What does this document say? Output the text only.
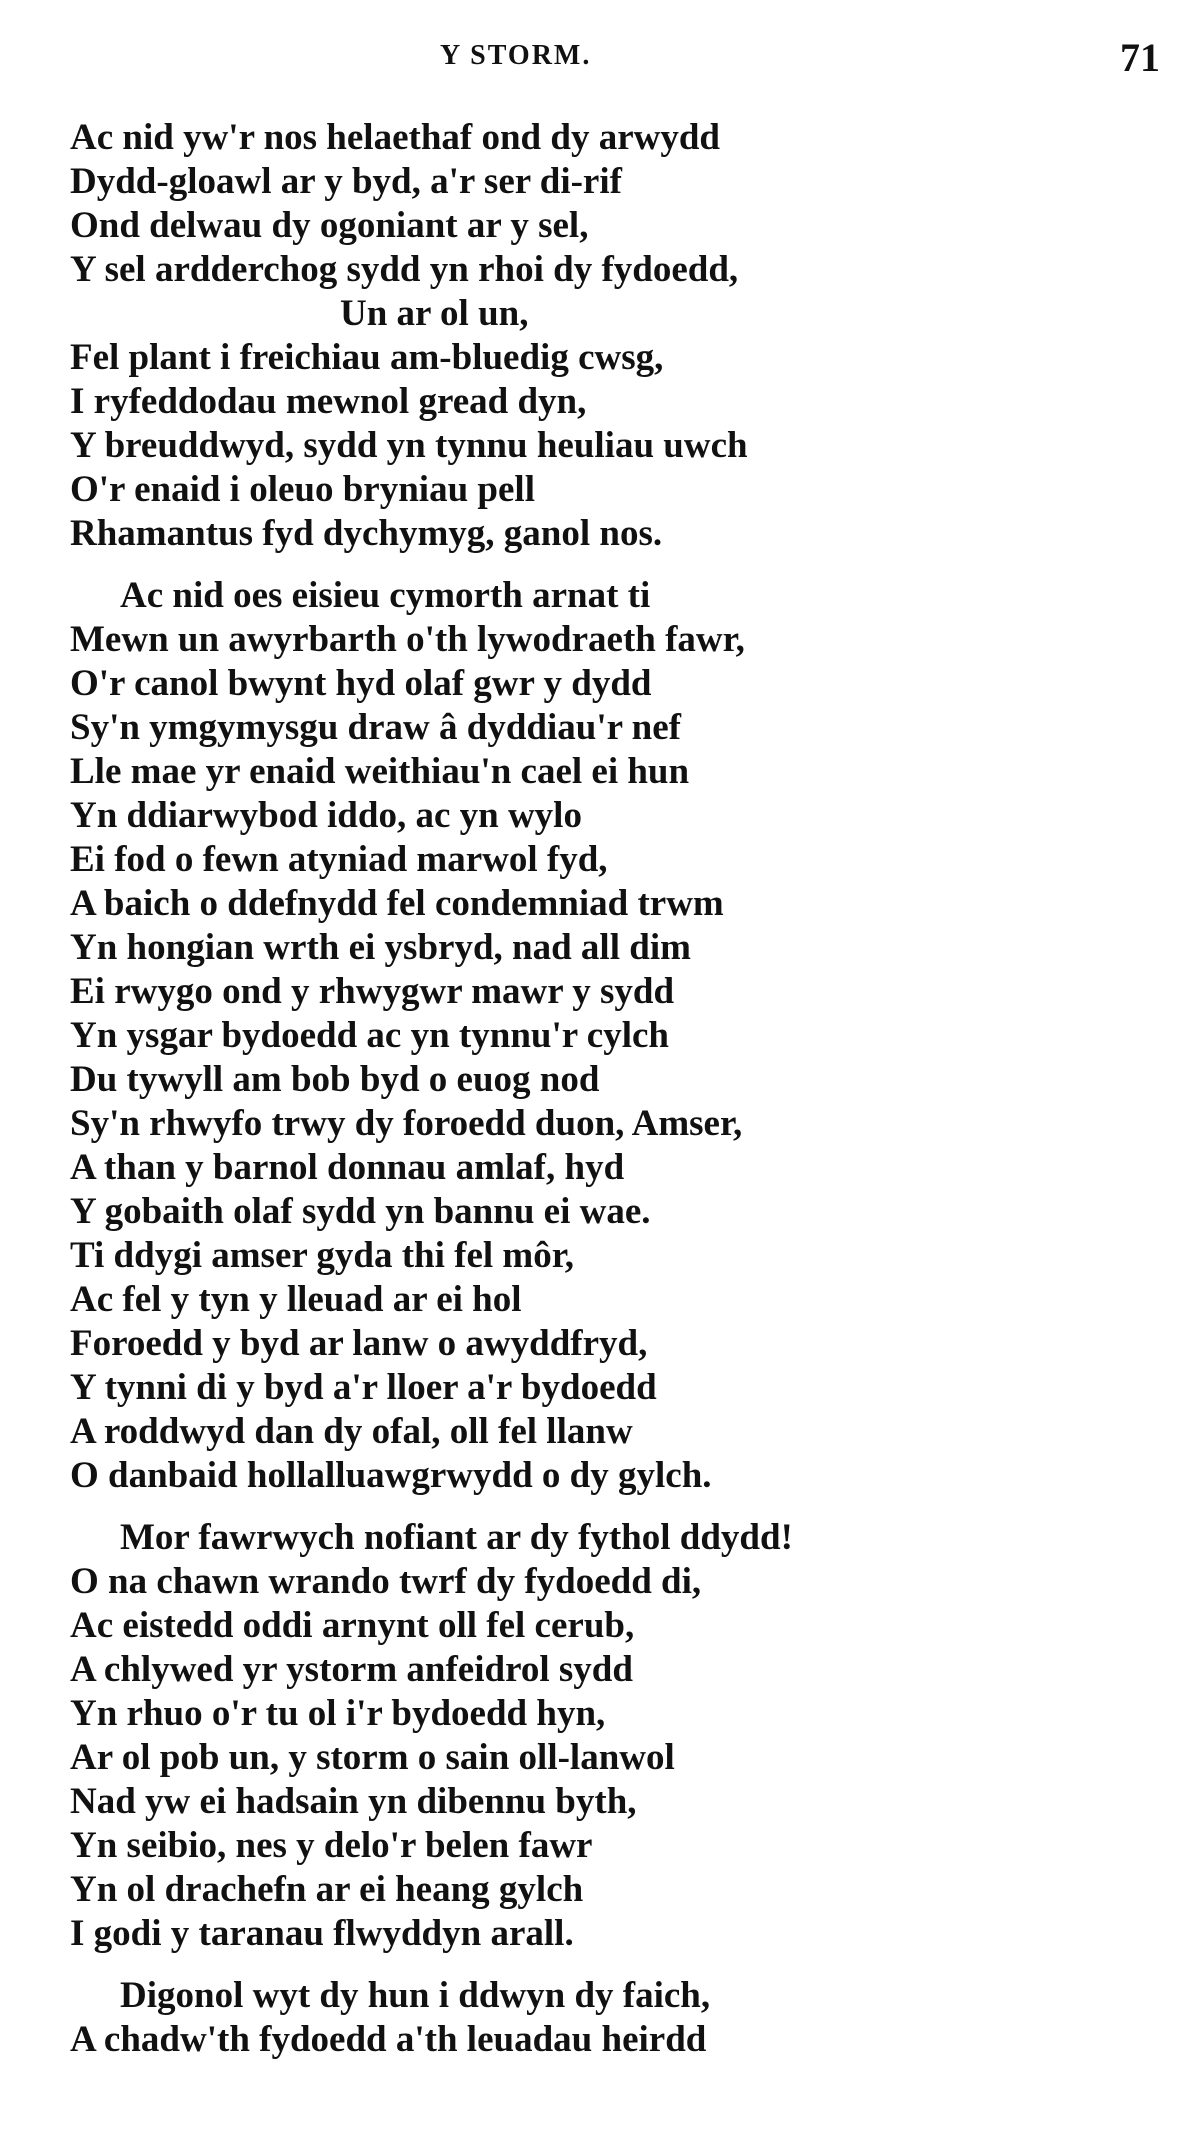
Y STORM.	71
Ac nid yw'r nos helaethaf ond dy arwydd
Dydd-gloawl ar y byd, a'r ser di-rif
Ond delwau dy ogoniant ar y sel,
Y sel ardderchog sydd yn rhoi dy fydoedd,
Un ar ol un,
Fel plant i freichiau am-bluedig cwsg,
I ryfeddodau mewnol gread dyn,
Y breuddwyd, sydd yn tynnu heuliau uwch
O'r enaid i oleuo bryniau pell
Rhamantus fyd dychymyg, ganol nos.
Ac nid oes eisieu cymorth arnat ti
Mewn un awyrbarth o'th lywodraeth fawr,
O'r canol bwynt hyd olaf gwr y dydd
Sy'n ymgymysgu draw â dyddiau'r nef
Lle mae yr enaid weithiau'n cael ei hun
Yn ddiarwybod iddo, ac yn wylo
Ei fod o fewn atyniad marwol fyd,
A baich o ddefnydd fel condemniad trwm
Yn hongian wrth ei ysbryd, nad all dim
Ei rwygo ond y rhwygwr mawr y sydd
Yn ysgar bydoedd ac yn tynnu'r cylch
Du tywyll am bob byd o euog nod
Sy'n rhwyfo trwy dy foroedd duon, Amser,
A than y barnol donnau amlaf, hyd
Y gobaith olaf sydd yn bannu ei wae.
Ti ddygi amser gyda thi fel môr,
Ac fel y tyn y lleuad ar ei hol
Foroedd y byd ar lanw o awyddfryd,
Y tynni di y byd a'r lloer a'r bydoedd
A roddwyd dan dy ofal, oll fel llanw
O danbaid hollalluawgrwydd o dy gylch.
Mor fawrwych nofiant ar dy fythol ddydd!
O na chawn wrando twrf dy fydoedd di,
Ac eistedd oddi arnynt oll fel cerub,
A chlywed yr ystorm anfeidrol sydd
Yn rhuo o'r tu ol i'r bydoedd hyn,
Ar ol pob un, y storm o sain oll-lanwol
Nad yw ei hadsain yn dibennu byth,
Yn seibio, nes y delo'r belen fawr
Yn ol drachefn ar ei heang gylch
I godi y taranau flwyddyn arall.
Digonol wyt dy hun i ddwyn dy faich,
A chadw'th fydoedd a'th leuadau heirdd
